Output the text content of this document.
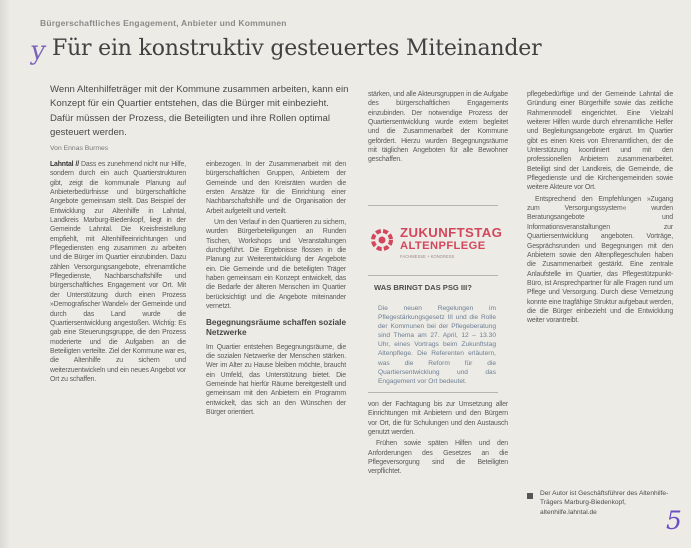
Bürgerschaftliches Engagement, Anbieter und Kommunen
y Für ein konstruktiv gesteuertes Miteinander
Wenn Altenhilfeträger mit der Kommune zusammen arbeiten, kann ein Konzept für ein Quartier entstehen, das die Bürger mit einbezieht. Dafür müssen der Prozess, die Beteiligten und ihre Rollen optimal gesteuert werden.
Von Ennas Burmes

Lahntal // Dass es zunehmend nicht nur Hilfe, sondern durch ein auch Quartierstrukturen gibt, zeigt die kommunale Planung auf Anbieterbedürfnisse und bürgerschaftliche Angebote gemeinsam stellt. Das Beispiel der Entwicklung zur Altenhilfe in Lahntal, Landkreis Marburg-Biedenkopf, liegt in der Gemeinde Lahntal. Die Kreisfreistellung empfiehlt, mit Altenhilfeeinrichtungen und Pflegediensten eng zusammen zu arbeiten und die Bürger im Quartier einzubinden. Dazu zählen Versorgungsangebote, ehrenamtliche Pflegedienste, Nachbarschaftshilfe und bürgerschaftliches Engagement vor Ort. Mit der Unterstützung durch einen Prozess »Demografischer Wandel« der Gemeinde und durch das Land wurde die Quartiersentwicklung angestoßen. Wichtig: Es gab eine Steuerungsgruppe, die den Prozess moderierte und die Aufgaben an die Beteiligten verteilte. Ziel der Kommune war es, die Altenhilfe zu sichern und weiterzuentwickeln und ein neues Angebot vor Ort zu schaffen.

einbezogen. In der Zusammenarbeit mit den bürgerschaftlichen Gruppen, Anbietern der Gemeinde und den Kreisräten wurden die ersten Ansätze für die Einrichtung einer Nachbarschaftshilfe und die Organisation der Arbeit aufgeteilt und verteilt.

Um den Verlauf in den Quartieren zu sichern, wurden Bürgerbeteiligungen an Runden Tischen, Workshops und Veranstaltungen durchgeführt. Die Ergebnisse flossen in die Planung zur Weiterentwicklung der Angebote ein. Die Gemeinde und die beteiligten Träger haben gemeinsam ein Konzept entwickelt, das die Bedarfe der älteren Menschen im Quartier berücksichtigt und die Angebote miteinander vernetzt.

Begegnungsräume schaffen soziale Netzwerke

Im Quartier entstehen Begegnungsräume, die die sozialen Netzwerke der Menschen stärken. Wer im Alter zu Hause bleiben möchte, braucht ein Umfeld, das Unterstützung bietet. Die Gemeinde hat hierfür Räume bereitgestellt und gemeinsam mit den Anbietern ein Programm entwickelt, das sich an den Wünschen der Bürger orientiert.

stärken, und alle Akteursgruppen in die Aufgabe des bürgerschaftlichen Engagements einzubinden. Der notwendige Prozess der Quartiersentwicklung wurde extern begleitet und die Zusammenarbeit der Kommune gefördert. Hierzu wurden Begegnungsräume mit täglichen Angeboten für alle Bewohner geschaffen.

ZUKUNFTSTAG
ALTENPFLEGE
FACHMESSE + KONGRESS
WAS BRINGT DAS PSG III?
Die neuen Regelungen im Pflegestärkungsgesetz III und die Rolle der Kommunen bei der Pflegeberatung sind Thema am 27. April, 12 – 13.30 Uhr, eines Vortrags beim Zukunftstag Altenpflege. Die Referenten erläutern, was die Reform für die Quartiersentwicklung und das Engagement vor Ort bedeutet.

von der Fachtagung bis zur Umsetzung aller Einrichtungen mit Anbietern und den Bürgern vor Ort, die für Schulungen und den Austausch genutzt werden.

Frühen sowie späten Hilfen und den Anforderungen des Gesetzes an die Pflegeversorgung sind die Beteiligten verpflichtet.

pflegebedürftige und der Gemeinde Lahntal die Gründung einer Bürgerhilfe sowie das zeitliche Rahmenmodell eingerichtet. Eine Vielzahl weiterer Hilfen wurde durch ehrenamtliche Helfer und Begleitungsangebote ergänzt. Im Quartier gibt es einen Kreis von Ehrenamtlichen, der die Unterstützung koordiniert und mit den professionellen Anbietern zusammenarbeitet. Beteiligt sind der Landkreis, die Gemeinde, die Pflegedienste und die Kirchengemeinden sowie weitere Akteure vor Ort.

Entsprechend den Empfehlungen »Zugang zum Versorgungssystem« wurden Beratungsangebote und Informationsveranstaltungen zur Quartiersentwicklung angeboten. Vorträge, Gesprächsrunden und Begegnungen mit den Anbietern sowie den Altenpflegeschulen haben die Zusammenarbeit gestärkt. Eine zentrale Anlaufstelle im Quartier, das Pflegestützpunkt-Büro, ist Ansprechpartner für alle Fragen rund um Pflege und Versorgung. Durch diese Vernetzung konnte eine tragfähige Struktur aufgebaut werden, die die Bürger einbezieht und die Entwicklung weiter vorantreibt.

Der Autor ist Geschäftsführer des Altenhilfe-Trägers Marburg-Biedenkopf, altenhilfe.lahntal.de	5
